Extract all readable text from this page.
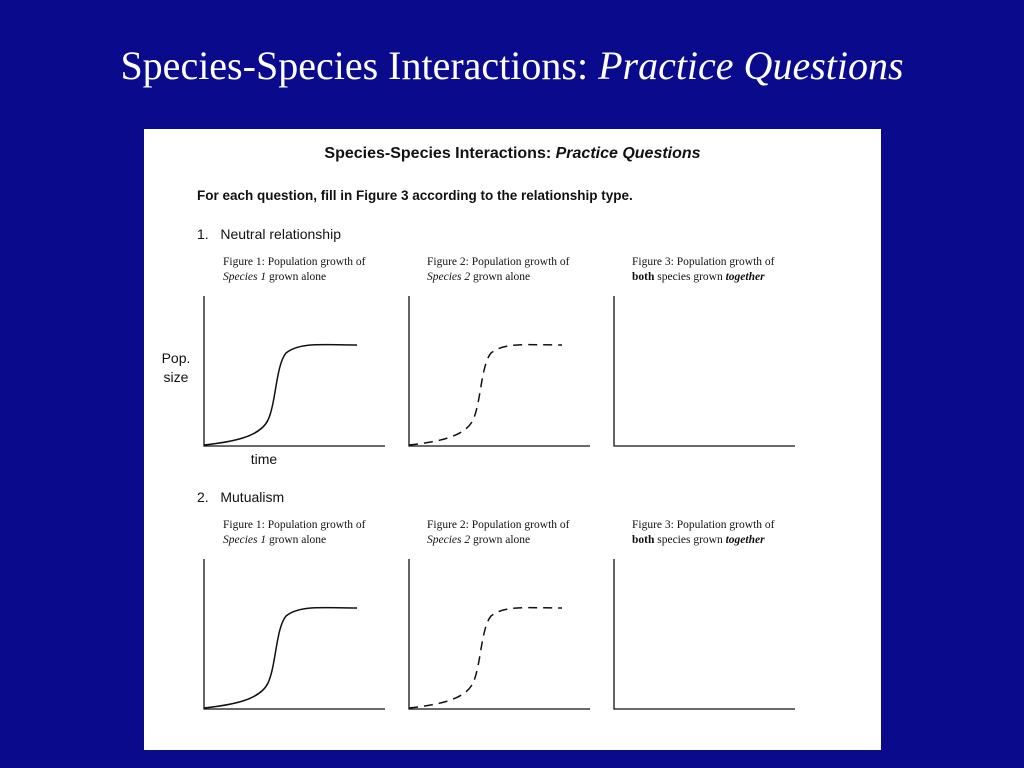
Species-Species Interactions: Practice Questions
Species-Species Interactions: Practice Questions
For each question, fill in Figure 3 according to the relationship type.
1. Neutral relationship
Figure 1: Population growth of
Species 1 grown alone
Figure 2: Population growth of
Species 2 grown alone
Figure 3: Population growth of
both species grown together
Pop.
size
time
2. Mutualism
Figure 1: Population growth of
Species 1 grown alone
Figure 2: Population growth of
Species 2 grown alone
Figure 3: Population growth of
both species grown together
